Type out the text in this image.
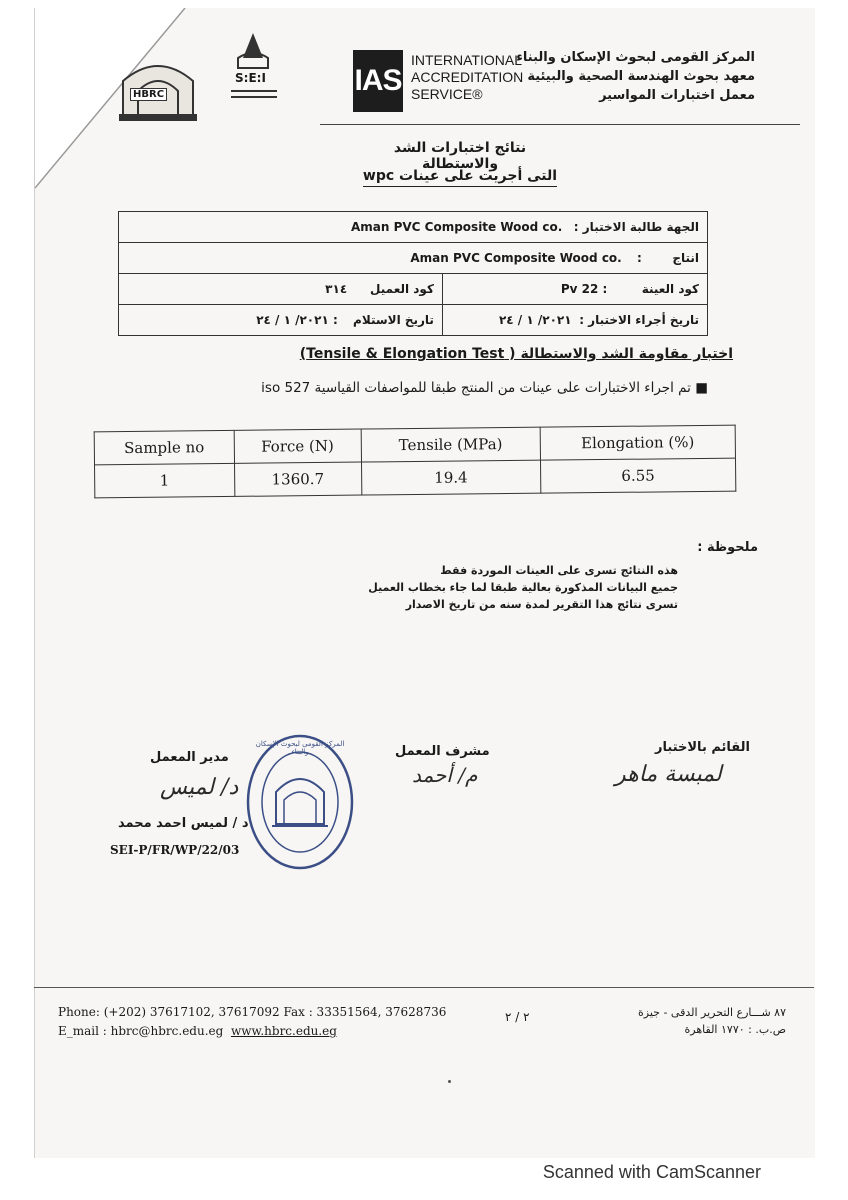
HBRC
S:E:I	IAS
INTERNATIONAL
ACCREDITATION
SERVICE®
المركز القومى لبحوث الإسكان والبناء
معهد بحوث الهندسة الصحية والبيئية
معمل اختبارات المواسير
نتائج اختبارات الشد والاستطالة
التى أجريت على عينات wpc
الجهة طالبة الاختبار :   Aman PVC Composite Wood co.	
انتاج        :    Aman PVC Composite Wood co.	
كود العميل      ٣١٤	كود العينة         Pv 22 :
تاريخ الاستلام    : ٢٠٢١/ ١ / ٢٤	تاريخ أجراء الاختبار :  ٢٠٢١/ ١ / ٢٤
اختبار مقاومة الشد والاستطالة ( Tensile & Elongation Test)
■ تم اجراء الاختبارات على عينات من المنتج طبقا للمواصفات القياسية iso 527
Sample no	Force (N)	Tensile (MPa)	Elongation (%)
1	1360.7	19.4	6.55
ملحوظة :
هذه النتائج تسرى على العينات الموردة فقط
جميع البيانات المذكورة بعالية طبقا لما جاء بخطاب العميل
تسرى نتائج هذا التقرير لمدة سنه من تاريخ الاصدار
القائم بالاختبار
لمبسة ماهر
مشرف المعمل
م/ أحمد
مدير المعمل
د/ لميس
المركز القومى لبحوث الإسكان والبناء
د / لميس احمد محمد
SEI-P/FR/WP/22/03
Phone: (+202) 37617102, 37617092 Fax : 33351564, 37628736
E_mail : hbrc@hbrc.edu.eg www.hbrc.edu.eg
٢ / ٢	٨٧ شـــارع التحرير الدقى - جيزة
ص.ب. : ١٧٧٠ القاهرة
Scanned with CamScanner
